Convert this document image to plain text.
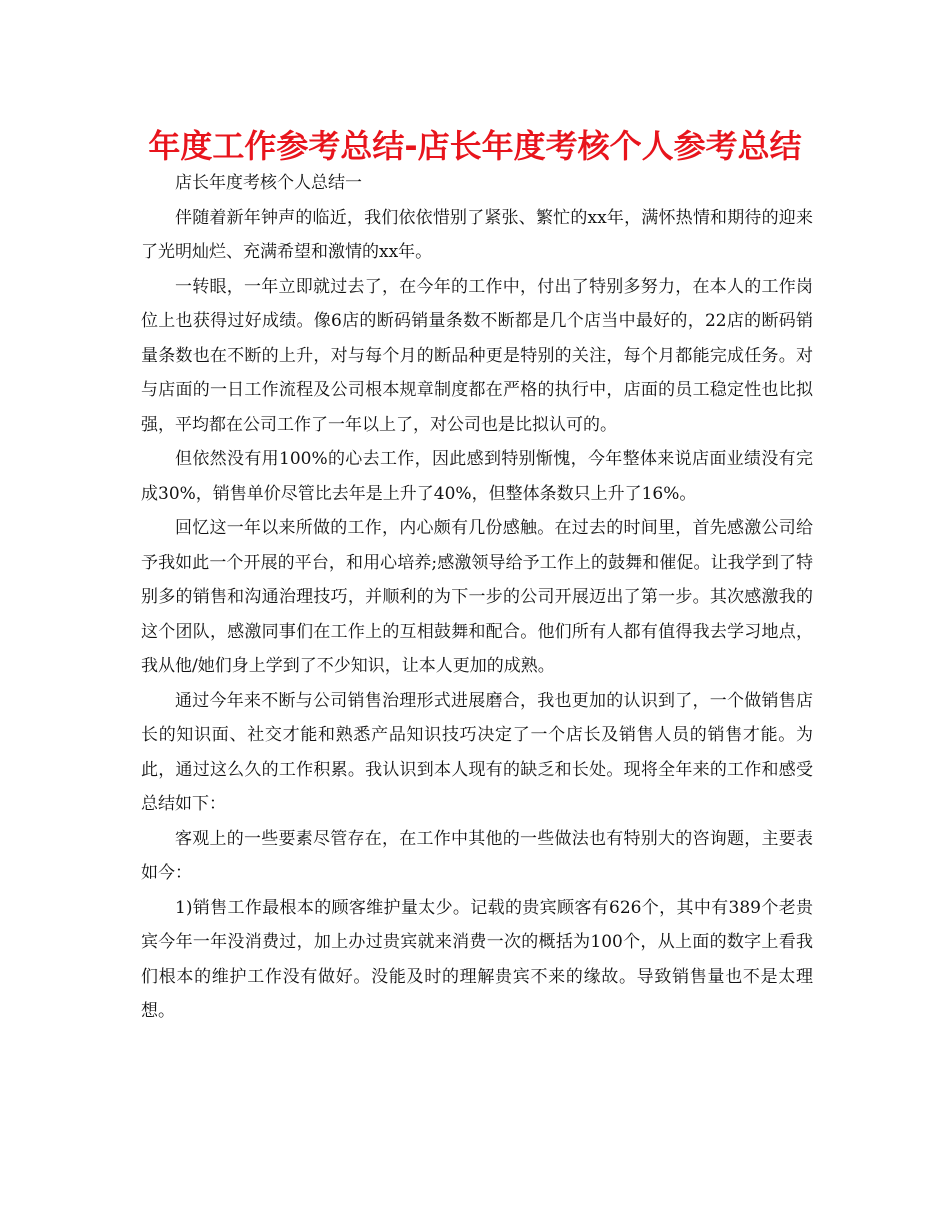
年度工作参考总结-店长年度考核个人参考总结

店长年度考核个人总结一

伴随着新年钟声的临近，我们依依惜别了紧张、繁忙的xx年，满怀热情和期待的迎来了光明灿烂、充满希望和激情的xx年。

一转眼，一年立即就过去了，在今年的工作中，付出了特别多努力，在本人的工作岗位上也获得过好成绩。像6店的断码销量条数不断都是几个店当中最好的，22店的断码销量条数也在不断的上升，对与每个月的断品种更是特别的关注，每个月都能完成任务。对与店面的一日工作流程及公司根本规章制度都在严格的执行中，店面的员工稳定性也比拟强，平均都在公司工作了一年以上了，对公司也是比拟认可的。

但依然没有用100%的心去工作，因此感到特别惭愧，今年整体来说店面业绩没有完成30%，销售单价尽管比去年是上升了40%，但整体条数只上升了16%。

回忆这一年以来所做的工作，内心颇有几份感触。在过去的时间里，首先感激公司给予我如此一个开展的平台，和用心培养;感激领导给予工作上的鼓舞和催促。让我学到了特别多的销售和沟通治理技巧，并顺利的为下一步的公司开展迈出了第一步。其次感激我的这个团队，感激同事们在工作上的互相鼓舞和配合。他们所有人都有值得我去学习地点，我从他/她们身上学到了不少知识，让本人更加的成熟。

通过今年来不断与公司销售治理形式进展磨合，我也更加的认识到了，一个做销售店长的知识面、社交才能和熟悉产品知识技巧决定了一个店长及销售人员的销售才能。为此，通过这么久的工作积累。我认识到本人现有的缺乏和长处。现将全年来的工作和感受总结如下：

客观上的一些要素尽管存在，在工作中其他的一些做法也有特别大的咨询题，主要表如今：

1)销售工作最根本的顾客维护量太少。记载的贵宾顾客有626个，其中有389个老贵宾今年一年没消费过，加上办过贵宾就来消费一次的概括为100个，从上面的数字上看我们根本的维护工作没有做好。没能及时的理解贵宾不来的缘故。导致销售量也不是太理想。
